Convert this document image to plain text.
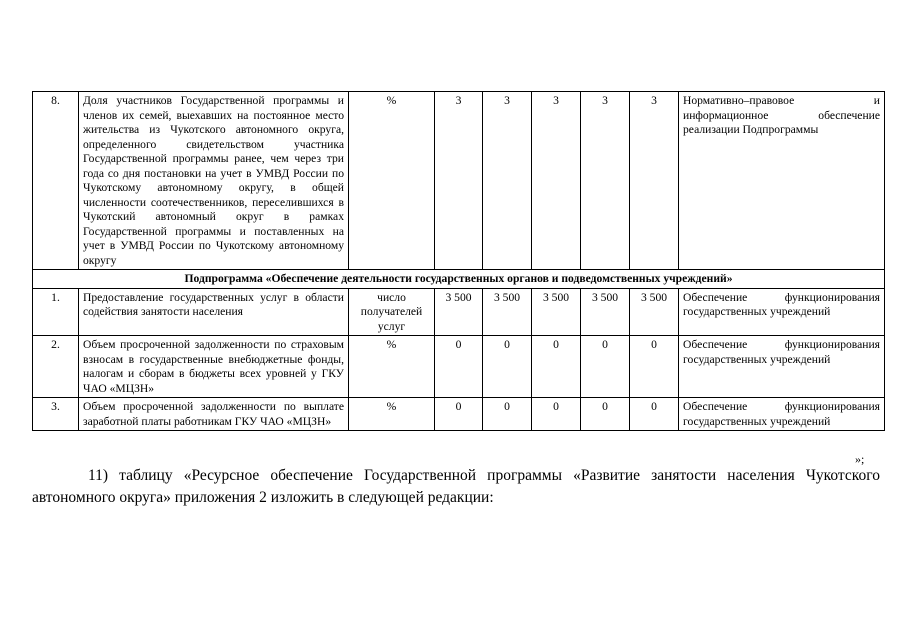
8.	Доля участников Государственной программы и членов их семей, выехавших на постоянное место жительства из Чукотского автономного округа, определенного свидетельством участника Государственной программы ранее, чем через три года со дня постановки на учет в УМВД России по Чукотскому автономному округу, в общей численности соотечественников, переселившихся в Чукотский автономный округ в рамках Государственной программы и поставленных на учет в УМВД России по Чукотскому автономному округу	%	3	3	3	3	3	Нормативно–правовое и информационное обеспечение реализации Подпрограммы
Подпрограмма «Обеспечение деятельности государственных органов и подведомственных учреждений»								
1.	Предоставление государственных услуг в области содействия занятости населения	число получателей услуг	3 500	3 500	3 500	3 500	3 500	Обеспечение функционирования государственных учреждений
2.	Объем просроченной задолженности по страховым взносам в государственные внебюджетные фонды, налогам и сборам в бюджеты всех уровней у ГКУ ЧАО «МЦЗН»	%	0	0	0	0	0	Обеспечение функционирования государственных учреждений
3.	Объем просроченной задолженности по выплате заработной платы работникам ГКУ ЧАО «МЦЗН»	%	0	0	0	0	0	Обеспечение функционирования государственных учреждений
»;
11) таблицу «Ресурсное обеспечение Государственной программы «Развитие занятости населения Чукотского
автономного округа» приложения 2 изложить в следующей редакции:
